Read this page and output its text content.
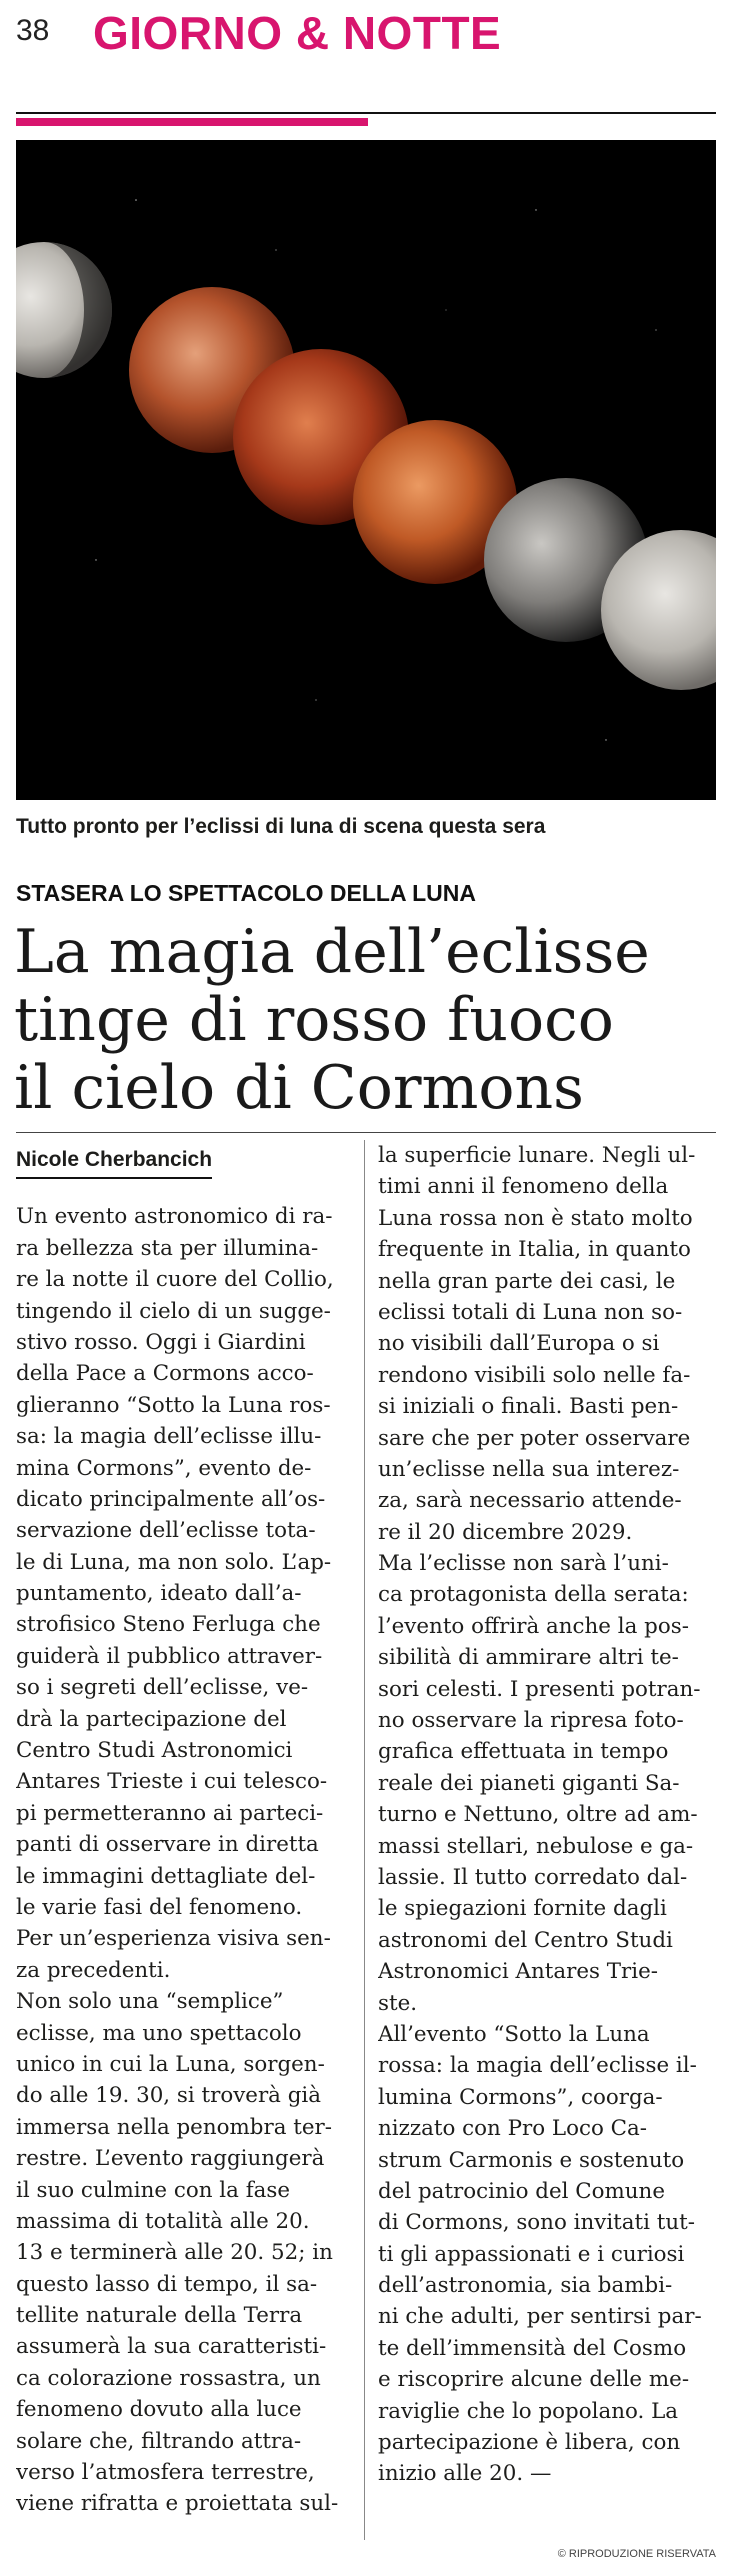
38 GIORNO & NOTTE
Tutto pronto per l’eclissi di luna di scena questa sera
STASERA LO SPETTACOLO DELLA LUNA
La magia dell’eclisse
tinge di rosso fuoco
il cielo di Cormons
Nicole Cherbancich
Un evento astronomico di ra-
ra bellezza sta per illumina-
re la notte il cuore del Collio,
tingendo il cielo di un sugge-
stivo rosso. Oggi i Giardini
della Pace a Cormons acco-
glieranno “Sotto la Luna ros-
sa: la magia dell’eclisse illu-
mina Cormons”, evento de-
dicato principalmente all’os-
servazione dell’eclisse tota-
le di Luna, ma non solo. L’ap-
puntamento, ideato dall’a-
strofisico Steno Ferluga che
guiderà il pubblico attraver-
so i segreti dell’eclisse, ve-
drà la partecipazione del
Centro Studi Astronomici
Antares Trieste i cui telesco-
pi permetteranno ai parteci-
panti di osservare in diretta
le immagini dettagliate del-
le varie fasi del fenomeno.
Per un’esperienza visiva sen-
za precedenti.
Non solo una “semplice”
eclisse, ma uno spettacolo
unico in cui la Luna, sorgen-
do alle 19. 30, si troverà già
immersa nella penombra ter-
restre. L’evento raggiungerà
il suo culmine con la fase
massima di totalità alle 20.
13 e terminerà alle 20. 52; in
questo lasso di tempo, il sa-
tellite naturale della Terra
assumerà la sua caratteristi-
ca colorazione rossastra, un
fenomeno dovuto alla luce
solare che, filtrando attra-
verso l’atmosfera terrestre,
viene rifratta e proiettata sul-
la superficie lunare. Negli ul-
timi anni il fenomeno della
Luna rossa non è stato molto
frequente in Italia, in quanto
nella gran parte dei casi, le
eclissi totali di Luna non so-
no visibili dall’Europa o si
rendono visibili solo nelle fa-
si iniziali o finali. Basti pen-
sare che per poter osservare
un’eclisse nella sua interez-
za, sarà necessario attende-
re il 20 dicembre 2029.
Ma l’eclisse non sarà l’uni-
ca protagonista della serata:
l’evento offrirà anche la pos-
sibilità di ammirare altri te-
sori celesti. I presenti potran-
no osservare la ripresa foto-
grafica effettuata in tempo
reale dei pianeti giganti Sa-
turno e Nettuno, oltre ad am-
massi stellari, nebulose e ga-
lassie. Il tutto corredato dal-
le spiegazioni fornite dagli
astronomi del Centro Studi
Astronomici Antares Trie-
ste.
All’evento “Sotto la Luna
rossa: la magia dell’eclisse il-
lumina Cormons”, coorga-
nizzato con Pro Loco Ca-
strum Carmonis e sostenuto
del patrocinio del Comune
di Cormons, sono invitati tut-
ti gli appassionati e i curiosi
dell’astronomia, sia bambi-
ni che adulti, per sentirsi par-
te dell’immensità del Cosmo
e riscoprire alcune delle me-
raviglie che lo popolano. La
partecipazione è libera, con
inizio alle 20. —
© RIPRODUZIONE RISERVATA
